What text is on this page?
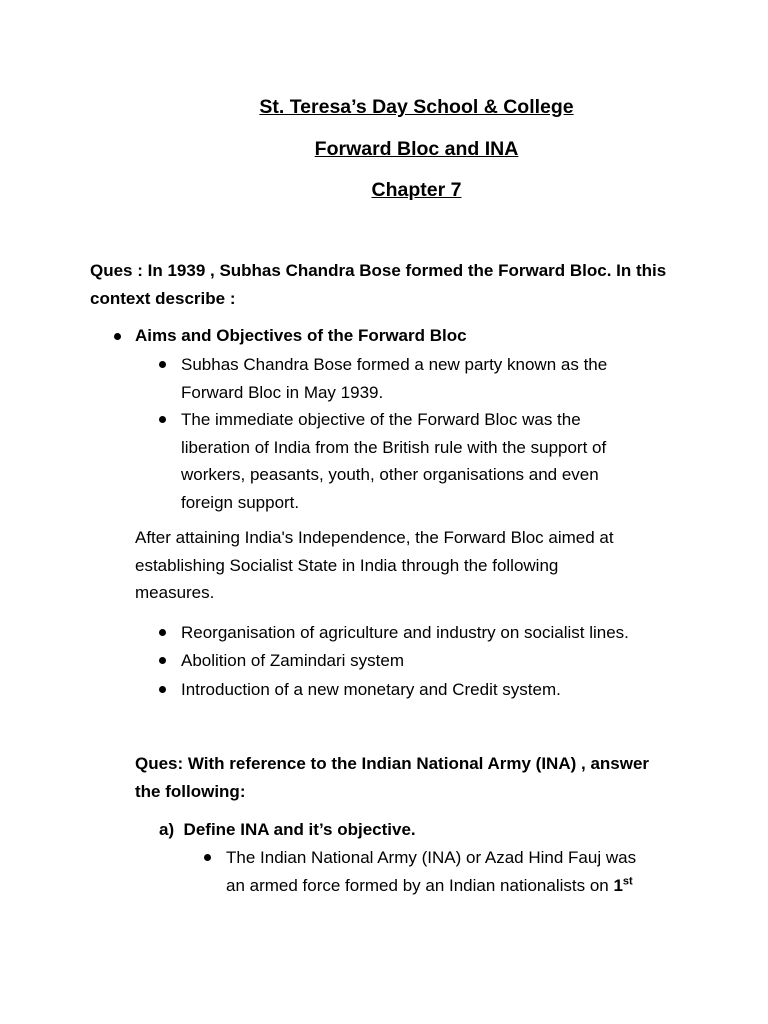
St. Teresa’s Day School & College
Forward Bloc and INA
Chapter 7
Ques : In 1939 , Subhas Chandra Bose formed the Forward Bloc. In this
context describe :
Aims and Objectives of the Forward Bloc
Subhas Chandra Bose formed a new party known as the
Forward Bloc in May 1939.
The immediate objective of the Forward Bloc was the
liberation of India from the British rule with the support of
workers, peasants, youth, other organisations and even
foreign support.
After attaining India's Independence, the Forward Bloc aimed at
establishing Socialist State in India through the following
measures.
Reorganisation of agriculture and industry on socialist lines.
Abolition of Zamindari system
Introduction of a new monetary and Credit system.
Ques: With reference to the Indian National Army (INA) , answer
the following:
a)  Define INA and it’s objective.
The Indian National Army (INA) or Azad Hind Fauj was
an armed force formed by an Indian nationalists on 1st
